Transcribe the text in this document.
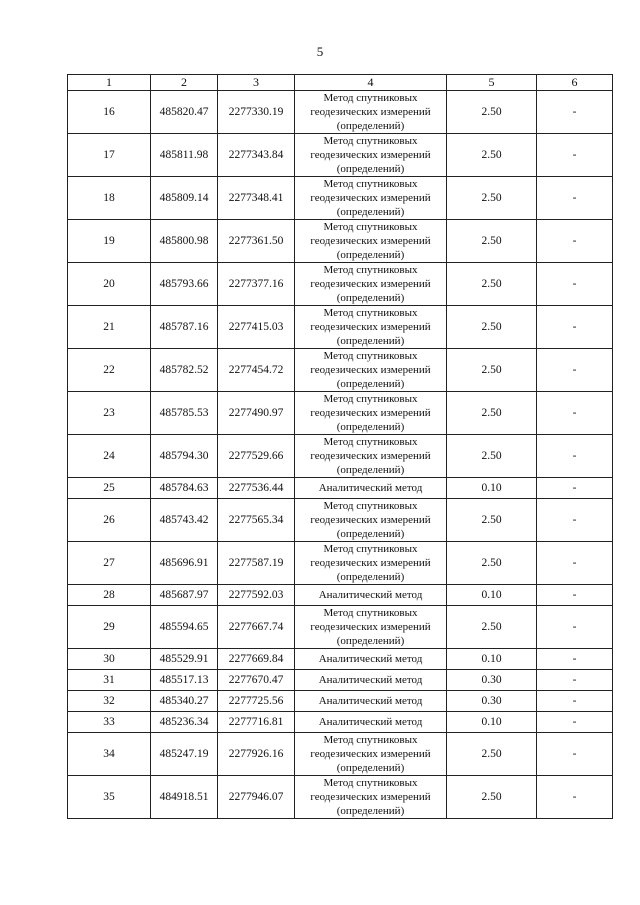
5
1	2	3	4	5	6
16	485820.47	2277330.19	Метод спутниковых
геодезических измерений
(определений)	2.50	-
17	485811.98	2277343.84	Метод спутниковых
геодезических измерений
(определений)	2.50	-
18	485809.14	2277348.41	Метод спутниковых
геодезических измерений
(определений)	2.50	-
19	485800.98	2277361.50	Метод спутниковых
геодезических измерений
(определений)	2.50	-
20	485793.66	2277377.16	Метод спутниковых
геодезических измерений
(определений)	2.50	-
21	485787.16	2277415.03	Метод спутниковых
геодезических измерений
(определений)	2.50	-
22	485782.52	2277454.72	Метод спутниковых
геодезических измерений
(определений)	2.50	-
23	485785.53	2277490.97	Метод спутниковых
геодезических измерений
(определений)	2.50	-
24	485794.30	2277529.66	Метод спутниковых
геодезических измерений
(определений)	2.50	-
25	485784.63	2277536.44	Аналитический метод	0.10	-
26	485743.42	2277565.34	Метод спутниковых
геодезических измерений
(определений)	2.50	-
27	485696.91	2277587.19	Метод спутниковых
геодезических измерений
(определений)	2.50	-
28	485687.97	2277592.03	Аналитический метод	0.10	-
29	485594.65	2277667.74	Метод спутниковых
геодезических измерений
(определений)	2.50	-
30	485529.91	2277669.84	Аналитический метод	0.10	-
31	485517.13	2277670.47	Аналитический метод	0.30	-
32	485340.27	2277725.56	Аналитический метод	0.30	-
33	485236.34	2277716.81	Аналитический метод	0.10	-
34	485247.19	2277926.16	Метод спутниковых
геодезических измерений
(определений)	2.50	-
35	484918.51	2277946.07	Метод спутниковых
геодезических измерений
(определений)	2.50	-
